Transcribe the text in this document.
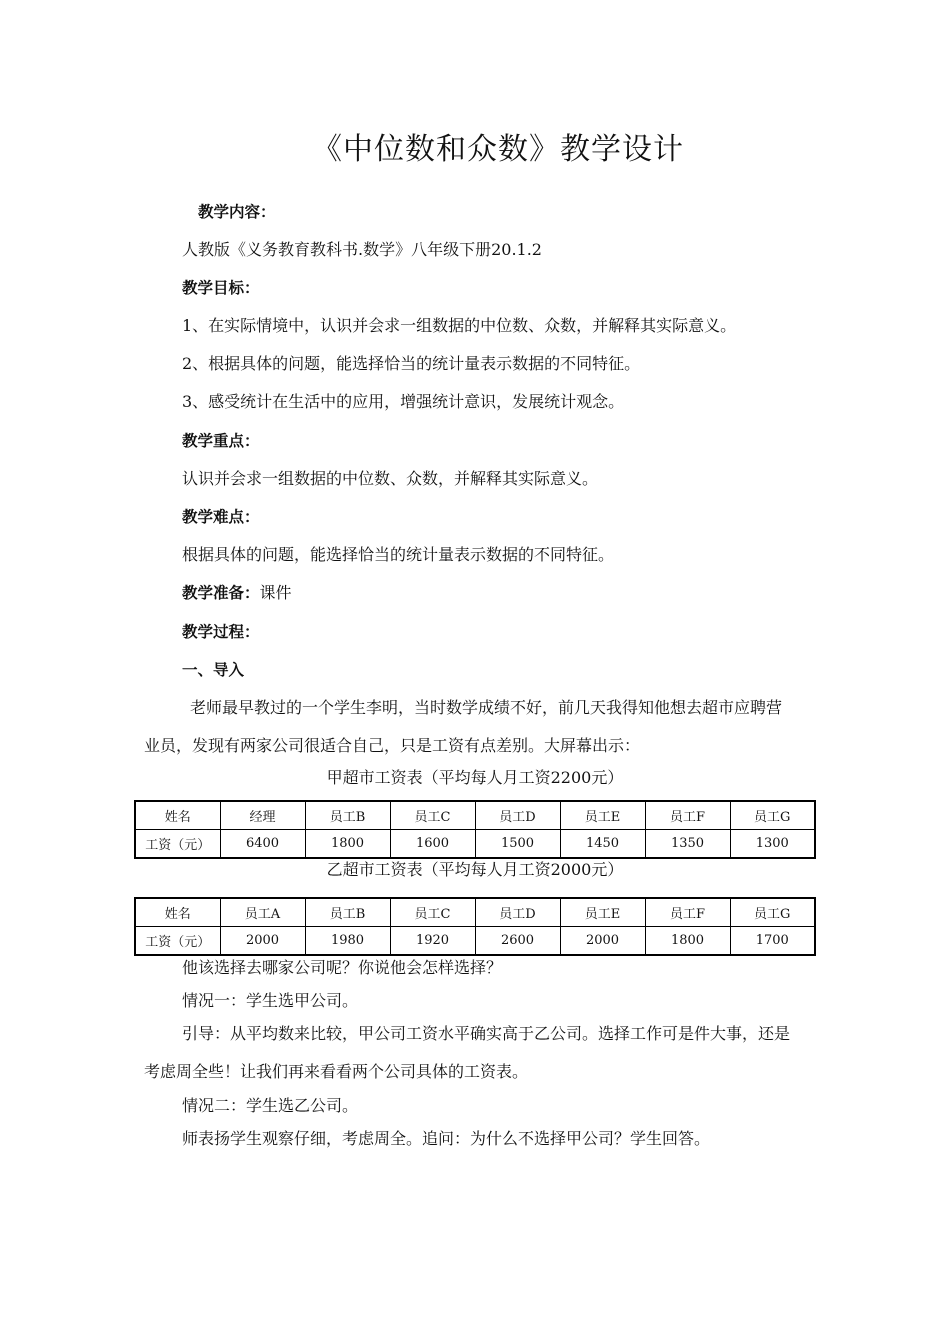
《中位数和众数》教学设计
教学内容：
人教版《义务教育教科书.数学》八年级下册20.1.2
教学目标：
1、在实际情境中，认识并会求一组数据的中位数、众数，并解释其实际意义。
2、根据具体的问题，能选择恰当的统计量表示数据的不同特征。
3、感受统计在生活中的应用，增强统计意识，发展统计观念。
教学重点：
认识并会求一组数据的中位数、众数，并解释其实际意义。
教学难点：
根据具体的问题，能选择恰当的统计量表示数据的不同特征。
教学准备：课件
教学过程：
一、导入
老师最早教过的一个学生李明，当时数学成绩不好，前几天我得知他想去超市应聘营
业员，发现有两家公司很适合自己，只是工资有点差别。大屏幕出示：
甲超市工资表（平均每人月工资2200元）
姓名	经理	员工B	员工C	员工D	员工E	员工F	员工G
工资（元）	6400	1800	1600	1500	1450	1350	1300
乙超市工资表（平均每人月工资2000元）
姓名	员工A	员工B	员工C	员工D	员工E	员工F	员工G
工资（元）	2000	1980	1920	2600	2000	1800	1700
他该选择去哪家公司呢？你说他会怎样选择？
情况一：学生选甲公司。
引导：从平均数来比较，甲公司工资水平确实高于乙公司。选择工作可是件大事，还是
考虑周全些！让我们再来看看两个公司具体的工资表。
情况二：学生选乙公司。
师表扬学生观察仔细，考虑周全。追问：为什么不选择甲公司？学生回答。
